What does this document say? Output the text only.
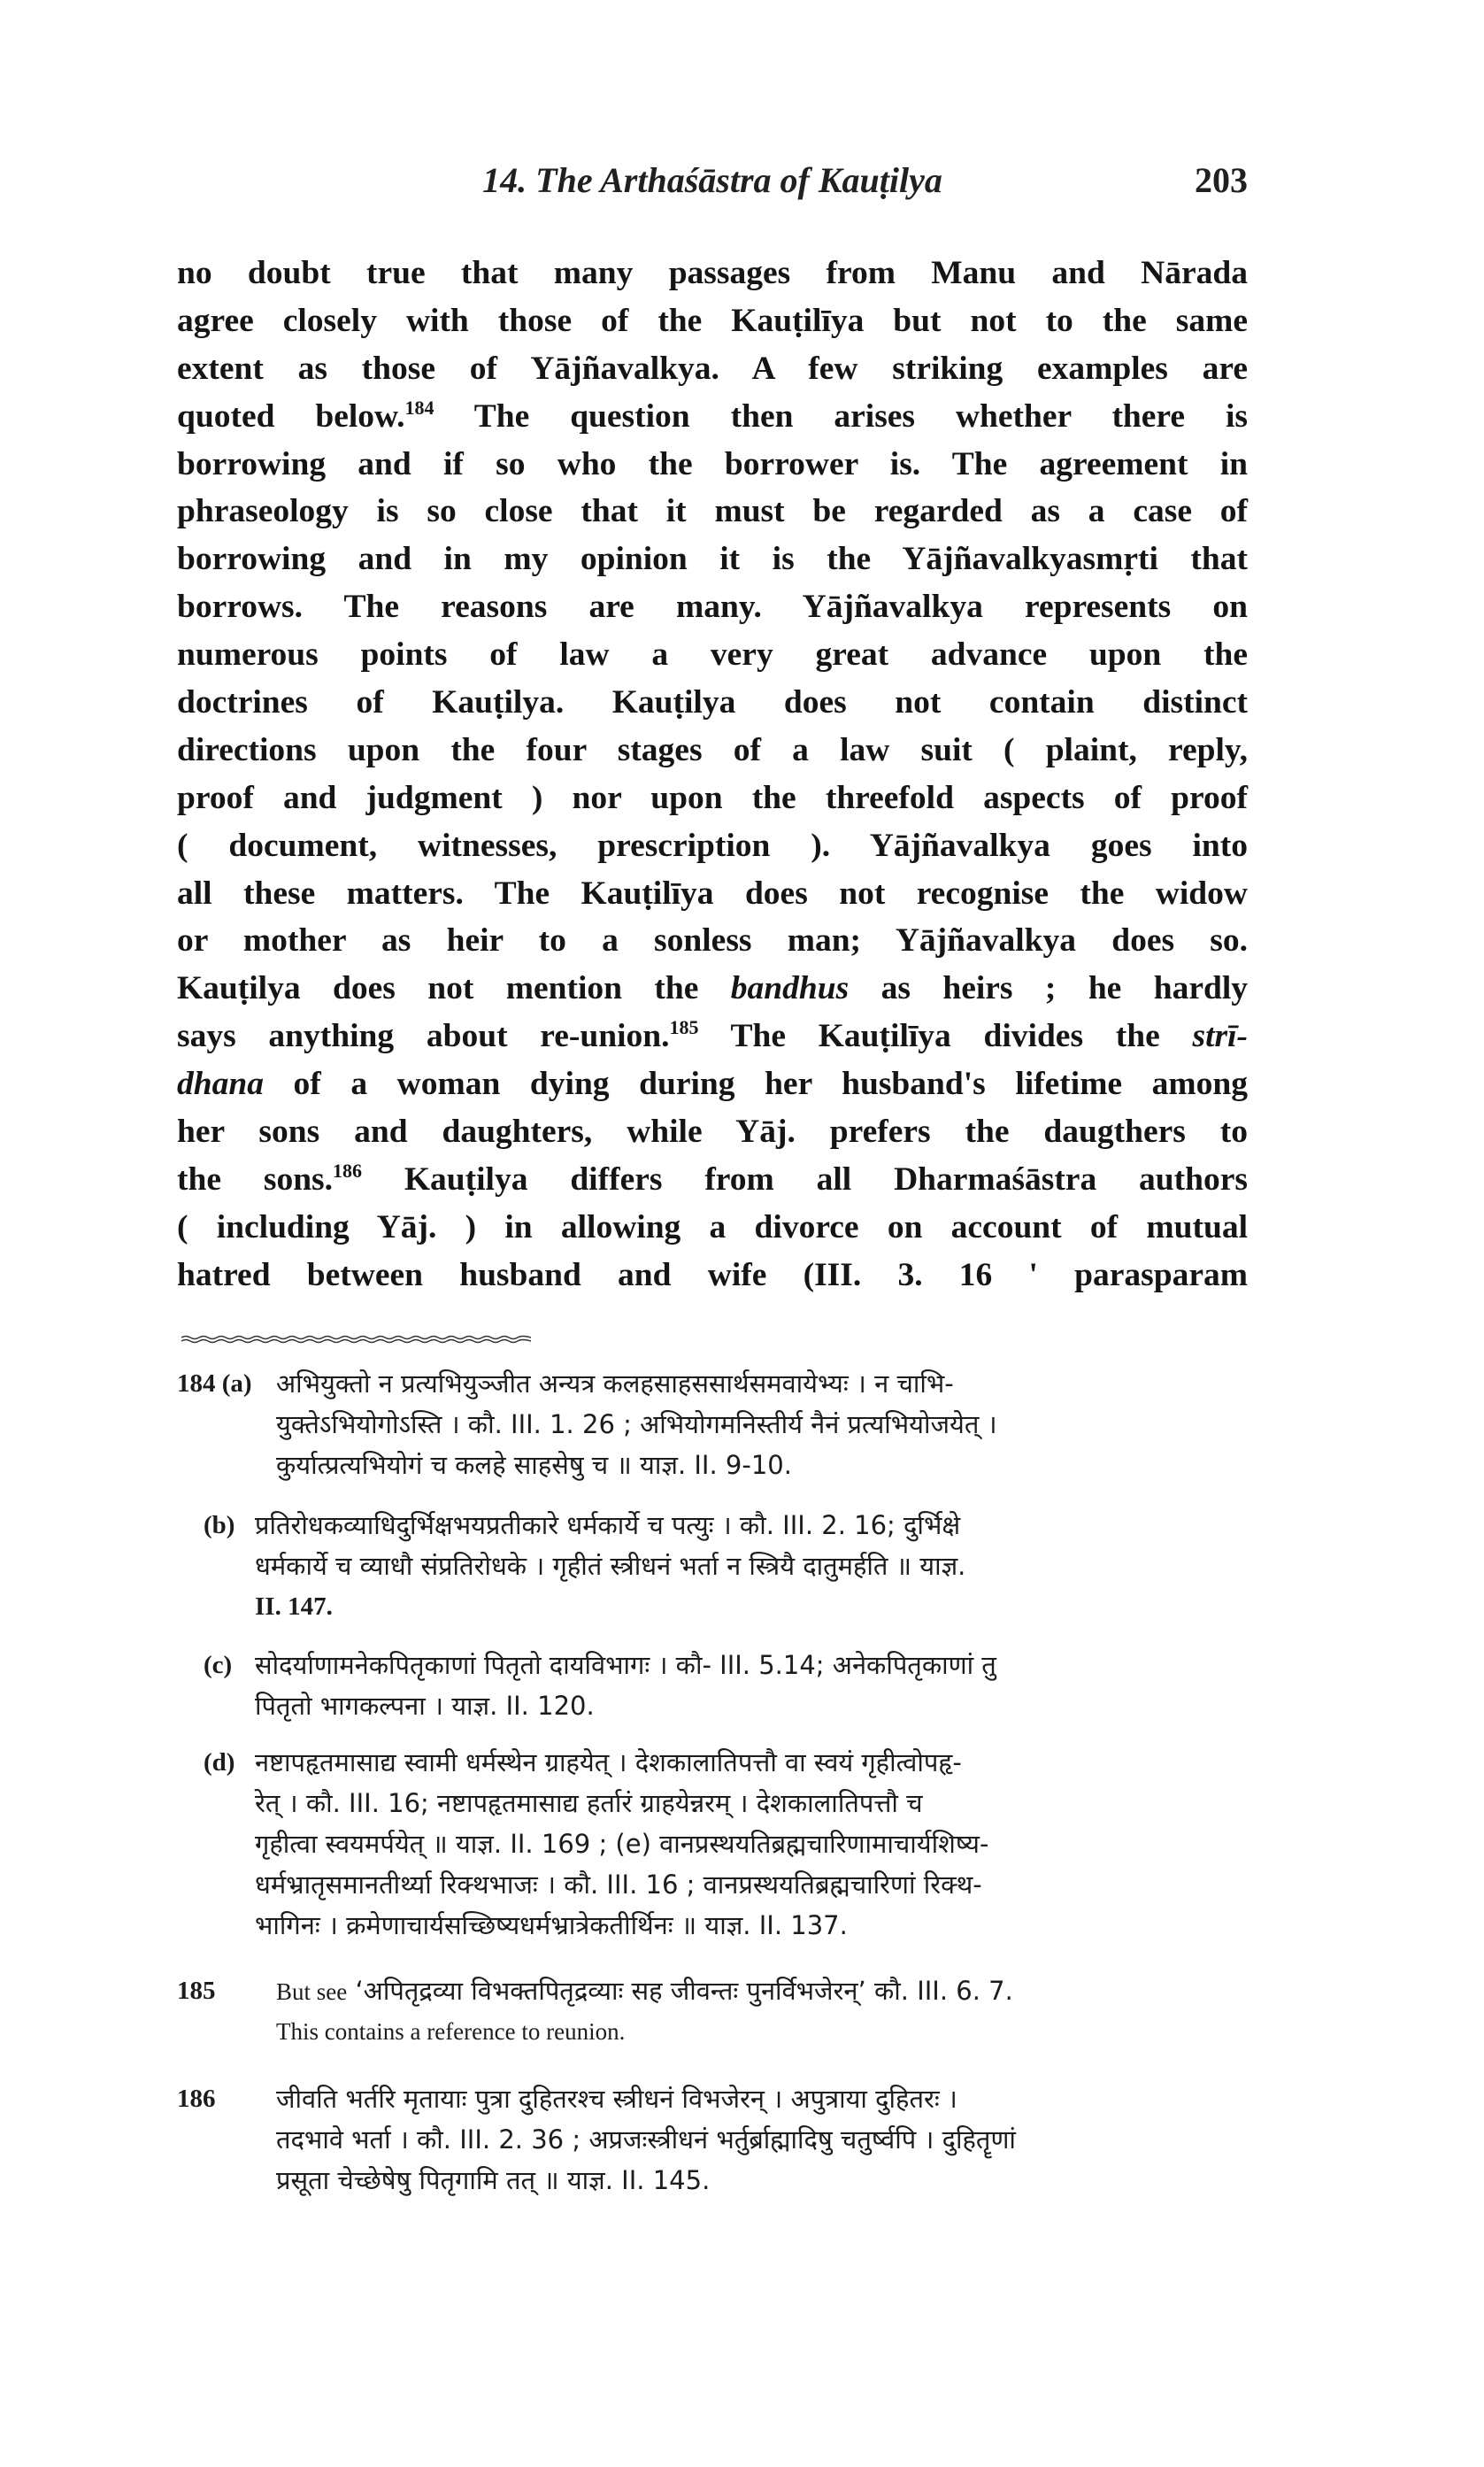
14. The Arthaśāstra of Kauṭilya	203
no doubt true that many passages from Manu and Nārada
agree closely with those of the Kauṭilīya but not to the same
extent as those of Yājñavalkya. A few striking examples are
quoted below.$^{184}$ The question then arises whether there is
borrowing and if so who the borrower is. The agreement in
phraseology is so close that it must be regarded as a case of
borrowing and in my opinion it is the Yājñavalkyasmṛti that
borrows. The reasons are many. Yājñavalkya represents on
numerous points of law a very great advance upon the
doctrines of Kauṭilya. Kauṭilya does not contain distinct
directions upon the four stages of a law suit ( plaint, reply,
proof and judgment ) nor upon the threefold aspects of proof
( document, witnesses, prescription ). Yājñavalkya goes into
all these matters. The Kauṭilīya does not recognise the widow
or mother as heir to a sonless man; Yājñavalkya does so.
Kauṭilya does not mention the bandhus as heirs ; he hardly
says anything about re-union.$^{185}$ The Kauṭilīya divides the strī-
dhana of a woman dying during her husband's lifetime among
her sons and daughters, while Yāj. prefers the daugthers to
the sons.$^{186}$ Kauṭilya differs from all Dharmaśāstra authors
( including Yāj. ) in allowing a divorce on account of mutual
hatred between husband and wife (III. 3. 16 ' parasparam
184 (a) अभियुक्तो न प्रत्यभियुञ्जीत अन्यत्र कलहसाहससार्थसमवायेभ्यः । न चाभि-
युक्तेऽभियोगोऽस्ति । कौ. III. 1. 26 ; अभियोगमनिस्तीर्य नैनं प्रत्यभियोजयेत् ।
कुर्यात्प्रत्यभियोगं च कलहे साहसेषु च ॥ याज्ञ. II. 9-10.
(b) प्रतिरोधकव्याधिदुर्भिक्षभयप्रतीकारे धर्मकार्ये च पत्युः । कौ. III. 2. 16; दुर्भिक्षे
धर्मकार्ये च व्याधौ संप्रतिरोधके । गृहीतं स्त्रीधनं भर्ता न स्त्रियै दातुमर्हति ॥ याज्ञ.
II. 147.
(c) सोदर्याणामनेकपितृकाणां पितृतो दायविभागः । कौ- III. 5.14; अनेकपितृकाणां तु
पितृतो भागकल्पना । याज्ञ. II. 120.
(d) नष्टापहृतमासाद्य स्वामी धर्मस्थेन ग्राहयेत् । देशकालातिपत्तौ वा स्वयं गृहीत्वोपहृ-
रेत् । कौ. III. 16; नष्टापहृतमासाद्य हर्तारं ग्राहयेन्नरम् । देशकालातिपत्तौ च
गृहीत्वा स्वयमर्पयेत् ॥ याज्ञ. II. 169 ; (e) वानप्रस्थयतिब्रह्मचारिणामाचार्यशिष्य-
धर्मभ्रातृसमानतीर्थ्या रिक्थभाजः । कौ. III. 16 ; वानप्रस्थयतिब्रह्मचारिणां रिक्थ-
भागिनः । क्रमेणाचार्यसच्छिष्यधर्मभ्रात्रेकतीर्थिनः ॥ याज्ञ. II. 137.
185	But see ‘अपितृद्रव्या विभक्तपितृद्रव्याः सह जीवन्तः पुनर्विभजेरन्’ कौ. III. 6. 7.
This contains a reference to reunion.
186 जीवति भर्तरि मृतायाः पुत्रा दुहितरश्च स्त्रीधनं विभजेरन् । अपुत्राया दुहितरः ।
तदभावे भर्ता । कौ. III. 2. 36 ; अप्रजःस्त्रीधनं भर्तुर्ब्राह्मादिषु चतुर्ष्वपि । दुहितॄणां
प्रसूता चेच्छेषेषु पितृगामि तत् ॥ याज्ञ. II. 145.
